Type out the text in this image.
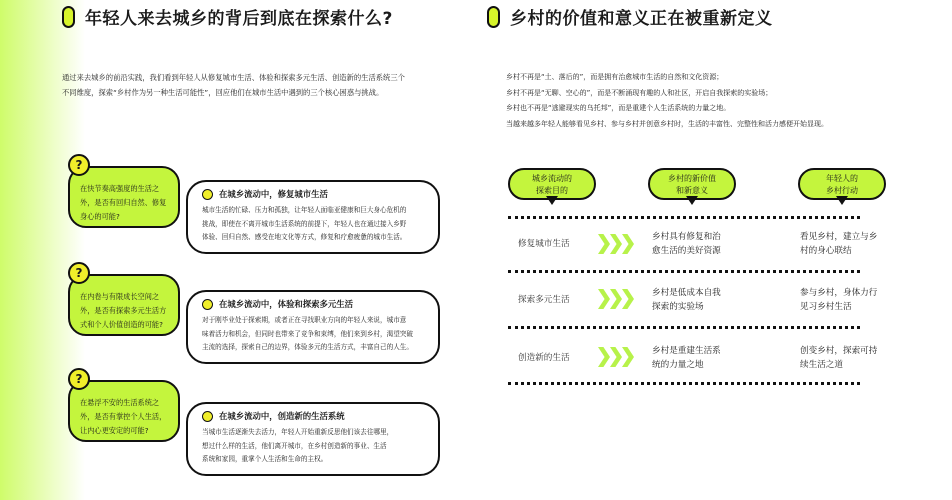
年轻人来去城乡的背后到底在探索什么?
通过来去城乡的前沿实践，我们看到年轻人从修复城市生活、体验和探索多元生活、创造新的生活系统三个
不同维度，探索“乡村作为另一种生活可能性”，回应他们在城市生活中遇到的三个核心困惑与挑战。
?
在快节奏高强度的生活之
外，是否有回归自然、修复
身心的可能?
?
在内卷与有限成长空间之
外，是否有探索多元生活方
式和个人价值创造的可能?
?
在悬浮不安的生活系统之
外，是否有掌控个人生活，
让内心更安定的可能?
在城乡流动中，修复城市生活
城市生活的忙碌、压力和孤独，让年轻人面临亚健康和巨大身心危机的
挑战，即使在不离开城市生活系统的前提下，年轻人也在通过接入乡野
体验、回归自然、感受在地文化等方式，修复和疗愈疲惫的城市生活。
在城乡流动中，体验和探索多元生活
对于刚毕业处于探索期，或者正在寻找职业方向的年轻人来说，城市意
味着活力和机会，但同时也带来了竞争和束缚，他们来到乡村，渴望突破
主流的选择，探索自己的边界，体验多元的生活方式，丰富自己的人生。
在城乡流动中，创造新的生活系统
当城市生活逐渐失去活力，年轻人开始重新反思他们该去往哪里，
想过什么样的生活，他们离开城市，在乡村创造新的事业、生活
系统和家园，重掌个人生活和生命的主权。
乡村的价值和意义正在被重新定义
乡村不再是“土、落后的”，而是拥有治愈城市生活的自然和文化资源；
乡村不再是“无聊、空心的”，而是不断涌现有趣的人和社区，开启自我探索的实验场；
乡村也不再是“逃避现实的乌托邦”，而是重建个人生活系统的力量之地。
当越来越多年轻人能够看见乡村、参与乡村并创意乡村时，生活的丰富性、完整性和活力感便开始显现。
城乡流动的
探索目的
乡村的新价值
和新意义
年轻人的
乡村行动
修复城市生活
乡村具有修复和治
愈生活的美好资源
看见乡村，建立与乡
村的身心联结
探索多元生活
乡村是低成本自我
探索的实验场
参与乡村，身体力行
见习乡村生活
创造新的生活
乡村是重建生活系
统的力量之地
创变乡村，探索可持
续生活之道
